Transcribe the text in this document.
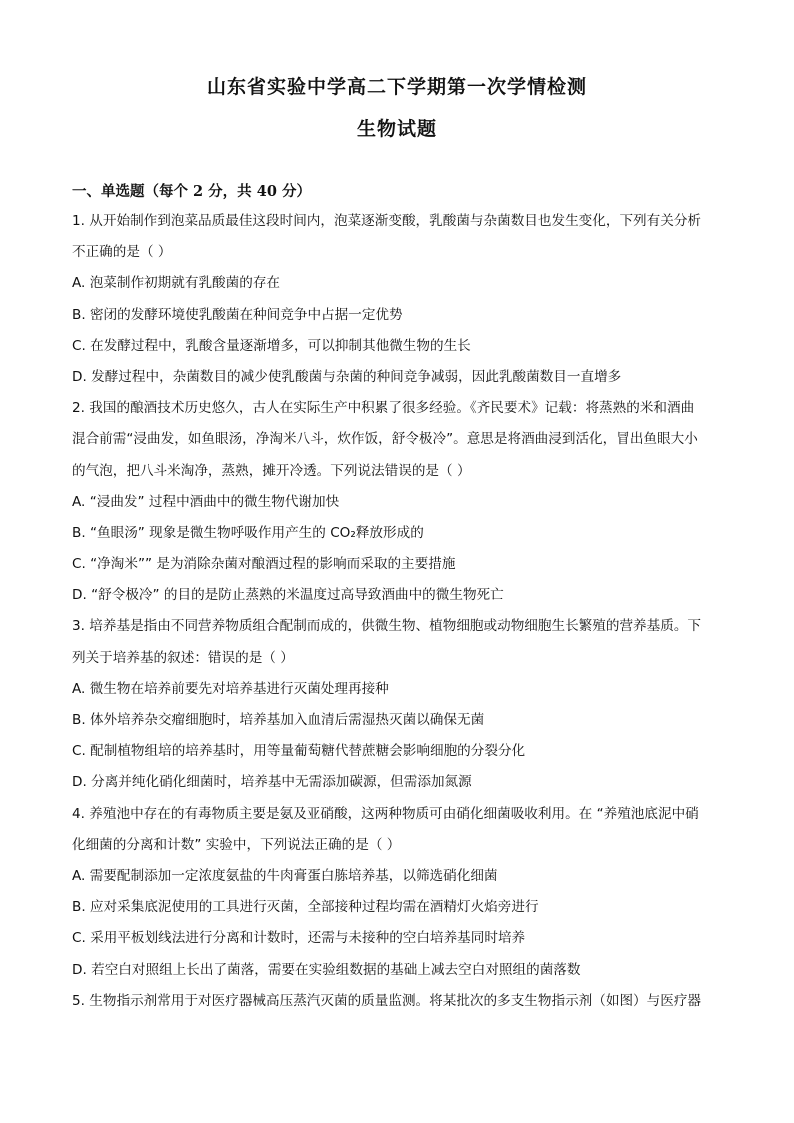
山东省实验中学高二下学期第一次学情检测
生物试题
一、单选题（每个 2 分，共 40 分）
1. 从开始制作到泡菜品质最佳这段时间内，泡菜逐渐变酸，乳酸菌与杂菌数目也发生变化，下列有关分析
不正确的是（ ）
A. 泡菜制作初期就有乳酸菌的存在
B. 密闭的发酵环境使乳酸菌在种间竞争中占据一定优势
C. 在发酵过程中，乳酸含量逐渐增多，可以抑制其他微生物的生长
D. 发酵过程中，杂菌数目的减少使乳酸菌与杂菌的种间竞争减弱，因此乳酸菌数目一直增多
2. 我国的酿酒技术历史悠久，古人在实际生产中积累了很多经验。《齐民要术》记载：将蒸熟的米和酒曲
混合前需“浸曲发，如鱼眼汤，净淘米八斗，炊作饭，舒令极冷”。意思是将酒曲浸到活化，冒出鱼眼大小
的气泡，把八斗米淘净，蒸熟，摊开冷透。下列说法错误的是（ ）
A. “浸曲发” 过程中酒曲中的微生物代谢加快
B. “鱼眼汤” 现象是微生物呼吸作用产生的 CO₂释放形成的
C. “净淘米”” 是为消除杂菌对酿酒过程的影响而采取的主要措施
D. “舒令极冷” 的目的是防止蒸熟的米温度过高导致酒曲中的微生物死亡
3. 培养基是指由不同营养物质组合配制而成的，供微生物、植物细胞或动物细胞生长繁殖的营养基质。下
列关于培养基的叙述：错误的是（ ）
A. 微生物在培养前要先对培养基进行灭菌处理再接种
B. 体外培养杂交瘤细胞时，培养基加入血清后需湿热灭菌以确保无菌
C. 配制植物组培的培养基时，用等量葡萄糖代替蔗糖会影响细胞的分裂分化
D. 分离并纯化硝化细菌时，培养基中无需添加碳源，但需添加氮源
4. 养殖池中存在的有毒物质主要是氨及亚硝酸，这两种物质可由硝化细菌吸收利用。在 “养殖池底泥中硝
化细菌的分离和计数” 实验中，下列说法正确的是（ ）
A. 需要配制添加一定浓度氨盐的牛肉膏蛋白胨培养基，以筛选硝化细菌
B. 应对采集底泥使用的工具进行灭菌，全部接种过程均需在酒精灯火焰旁进行
C. 采用平板划线法进行分离和计数时，还需与未接种的空白培养基同时培养
D. 若空白对照组上长出了菌落，需要在实验组数据的基础上减去空白对照组的菌落数
5. 生物指示剂常用于对医疗器械高压蒸汽灭菌的质量监测。将某批次的多支生物指示剂（如图）与医疗器
